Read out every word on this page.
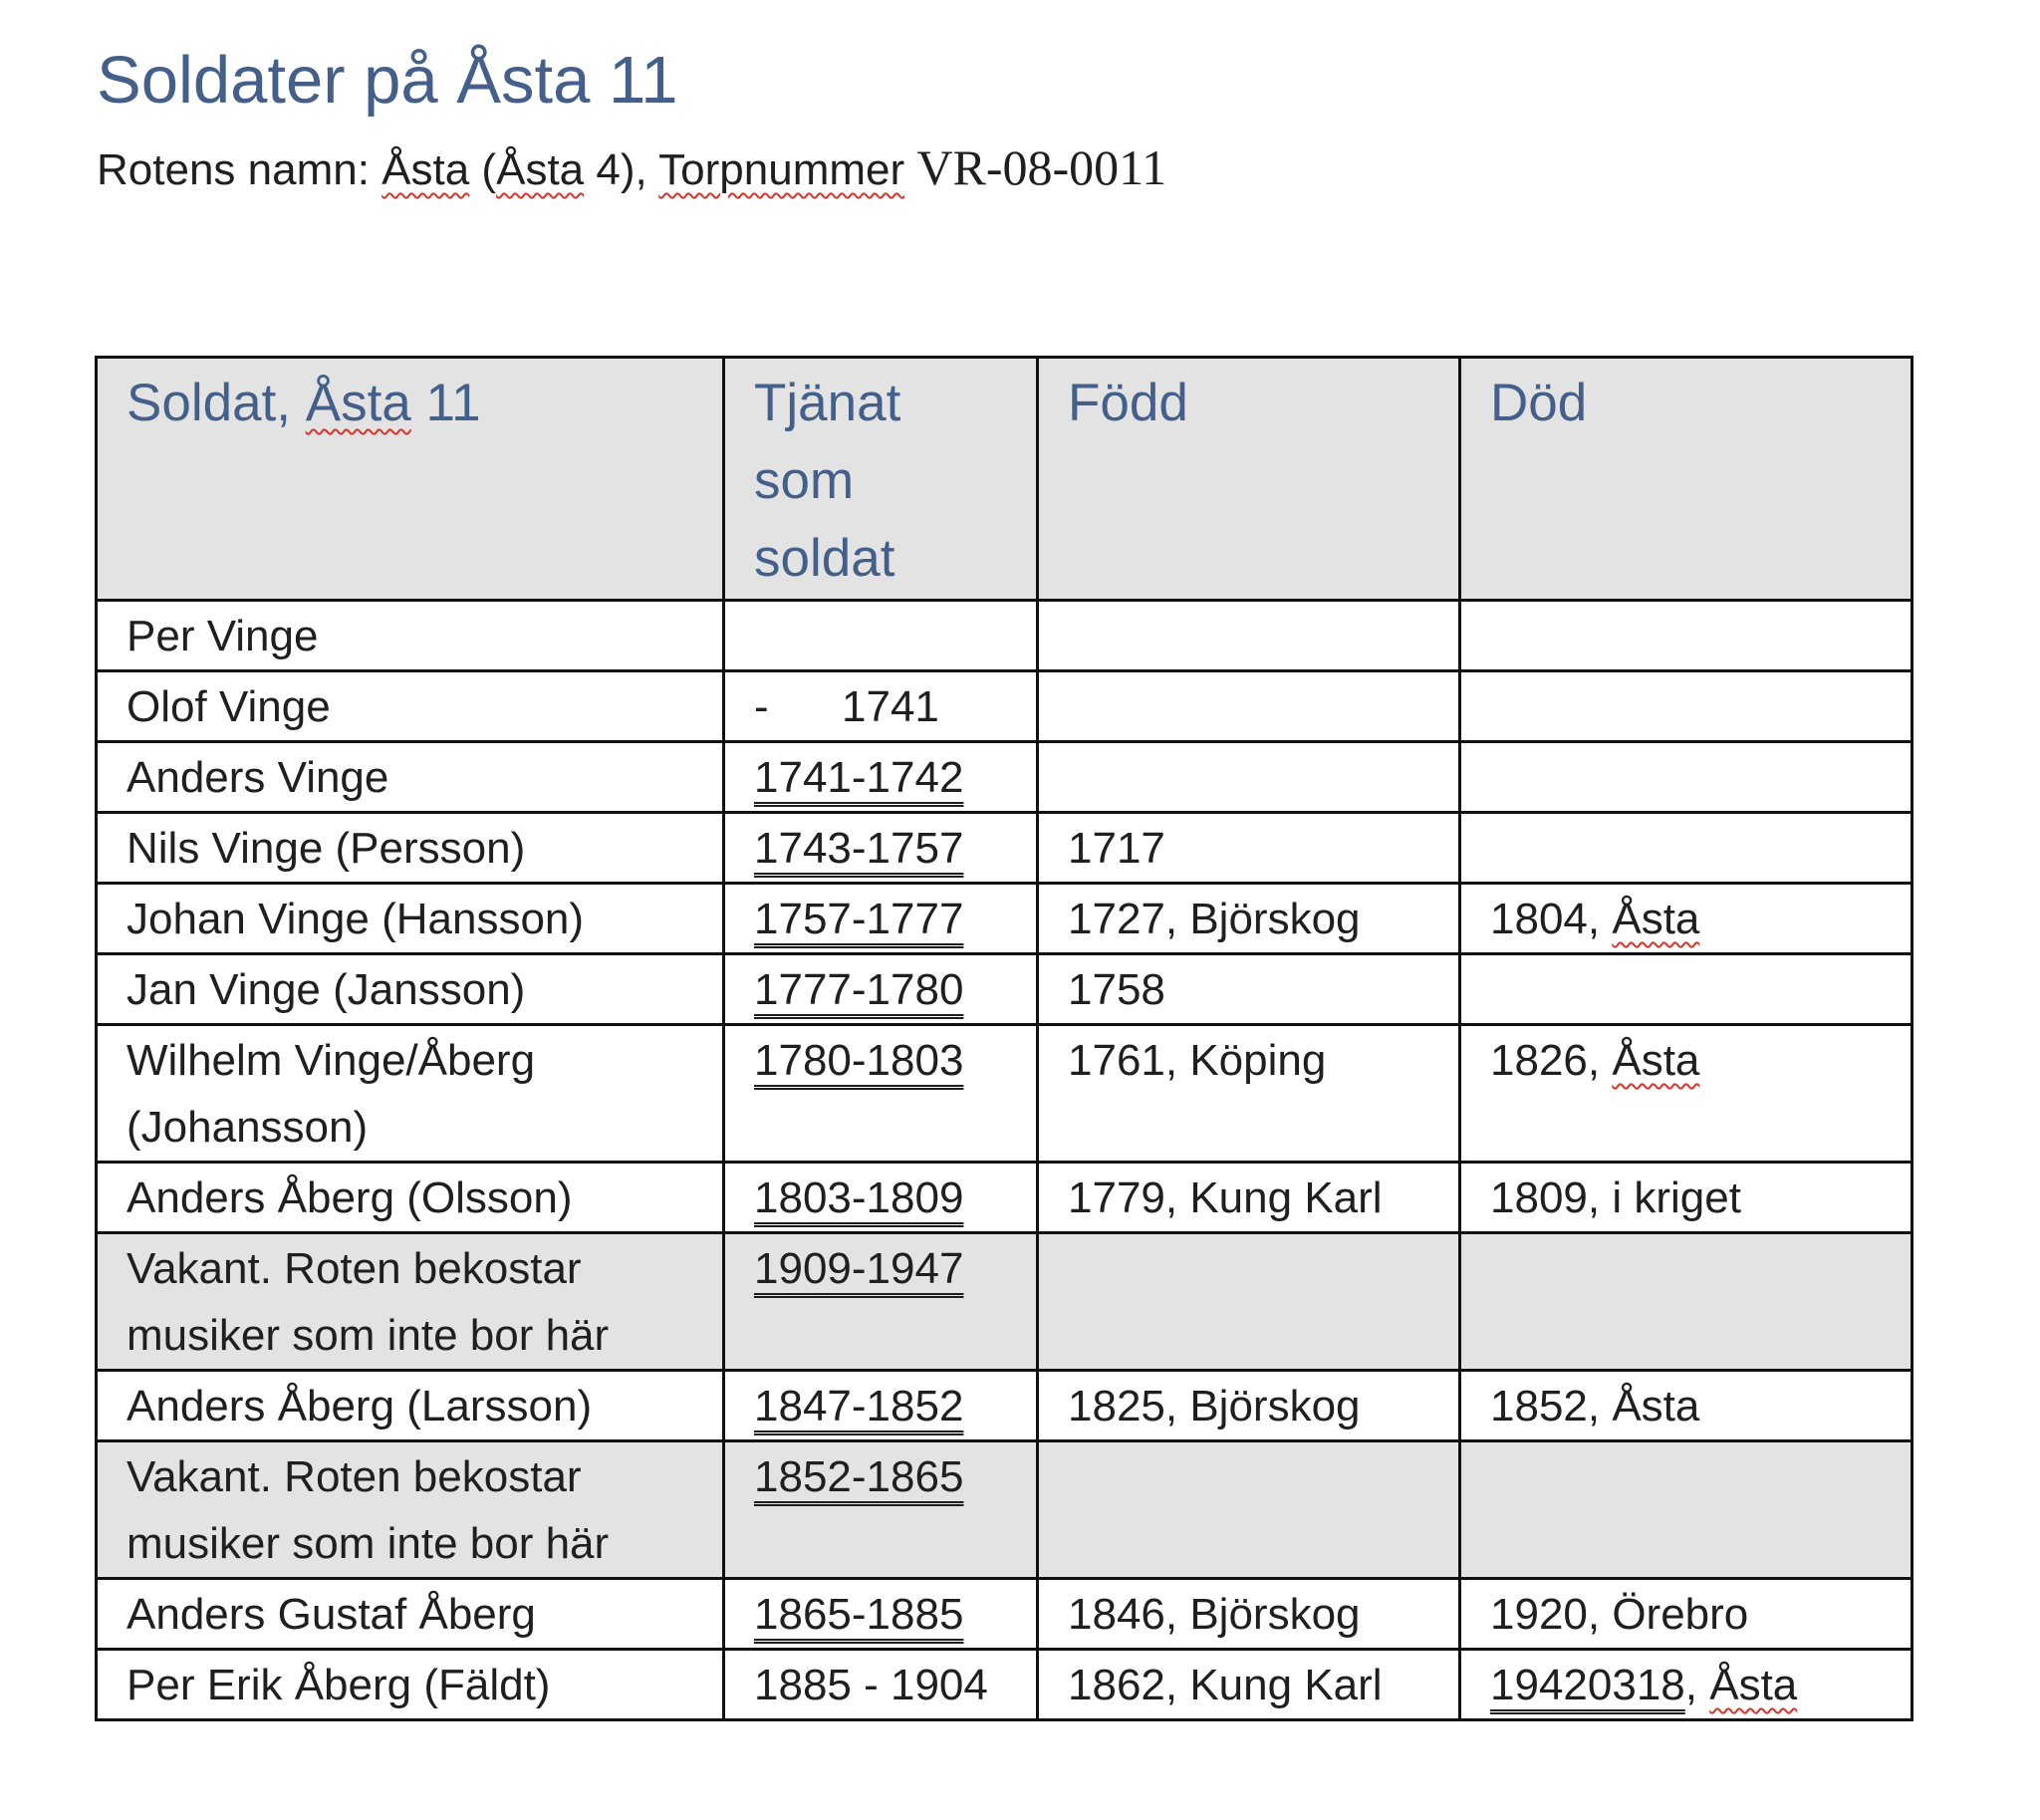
Soldater på Åsta 11
Rotens namn: Åsta (Åsta 4), Torpnummer VR-08-0011
Soldat, Åsta 11	Tjänat som soldat	Född	Död
Per Vinge			
Olof Vinge	-      1741		
Anders Vinge	1741-1742		
Nils Vinge (Persson)	1743-1757	1717	
Johan Vinge (Hansson)	1757-1777	1727, Björskog	1804, Åsta
Jan Vinge (Jansson)	1777-1780	1758	
Wilhelm Vinge/Åberg (Johansson)	1780-1803	1761, Köping	1826, Åsta
Anders Åberg (Olsson)	1803-1809	1779, Kung Karl	1809, i kriget
Vakant. Roten bekostar musiker som inte bor här	1909-1947		
Anders Åberg (Larsson)	1847-1852	1825, Björskog	1852, Åsta
Vakant. Roten bekostar musiker som inte bor här	1852-1865		
Anders Gustaf Åberg	1865-1885	1846, Björskog	1920, Örebro
Per Erik Åberg (Fäldt)	1885 - 1904	1862, Kung Karl	19420318, Åsta
